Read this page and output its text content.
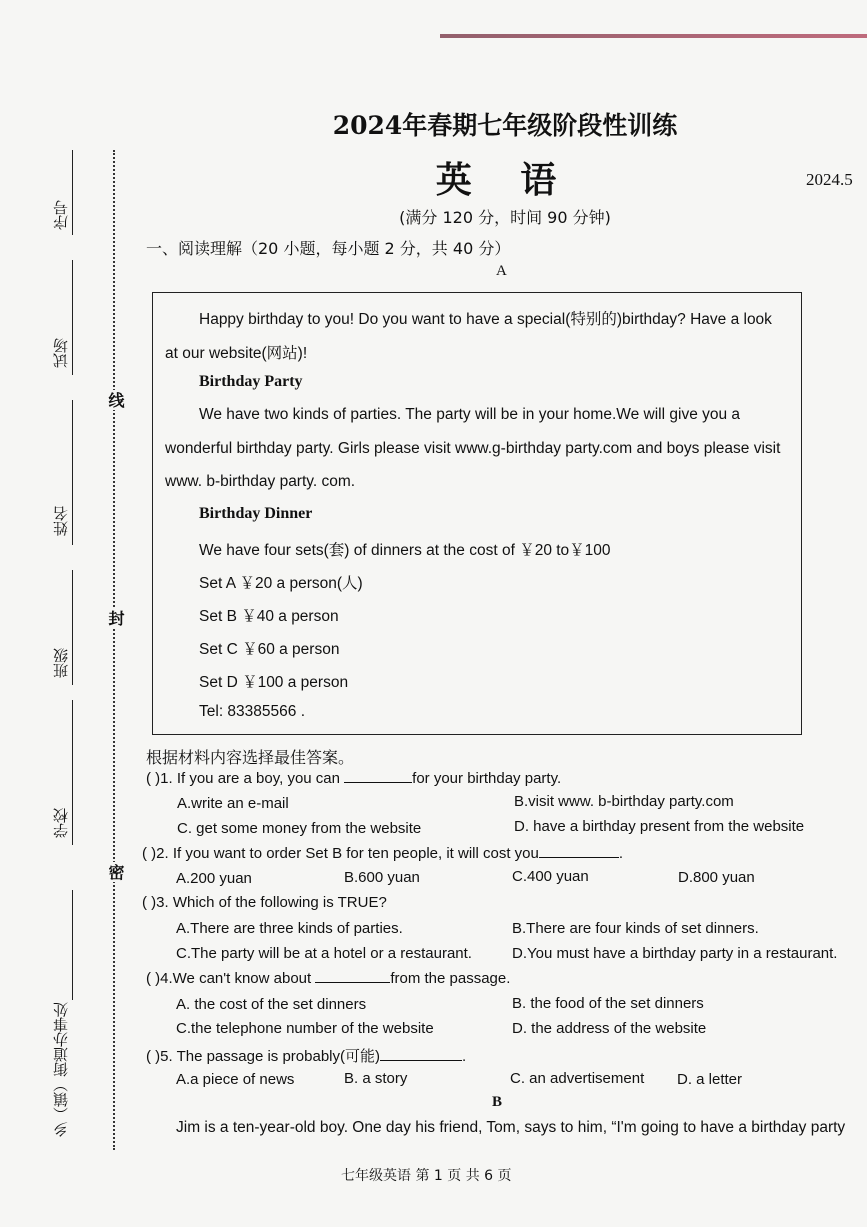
线
封
密
序号
试场
姓名
班级
学校
乡（镇）街道办事处
2024年春期七年级阶段性训练
英 语	2024.5
(满分 120 分，时间 90 分钟)
一、阅读理解（20 小题，每小题 2 分，共 40 分）
A
Happy birthday to you! Do you want to have a special(特别的)birthday? Have a look
at our website(网站)!
Birthday Party
We have two kinds of parties. The party will be in your home.We will give you a
wonderful birthday party. Girls please visit www.g-birthday party.com and boys please visit
www. b-birthday party. com.
Birthday Dinner
We have four sets(套) of dinners at the cost of ￥20 to￥100
Set A ￥20 a person(人)
Set B ￥40 a person
Set C ￥60 a person
Set D ￥100 a person
Tel: 83385566 .
根据材料内容选择最佳答案。
( )1. If you are a boy, you can	for your birthday party.
A.write an e-mail	B.visit www. b-birthday party.com
C. get some money from the website	D. have a birthday present from the website
( )2. If you want to order Set B for ten people, it will cost you	.
A.200 yuan	B.600 yuan	C.400 yuan	D.800 yuan
( )3. Which of the following is TRUE?
A.There are three kinds of parties.	B.There are four kinds of set dinners.
C.The party will be at a hotel or a restaurant.	D.You must have a birthday party in a restaurant.
( )4.We can't know about	from the passage.
A. the cost of the set dinners	B. the food of the set dinners
C.the telephone number of the website	D. the address of the website
( )5. The passage is probably(可能)	.
A.a piece of news	B. a story	C. an advertisement D. a letter
B
Jim is a ten-year-old boy. One day his friend, Tom, says to him, “I'm going to have a birthday party
七年级英语 第 1 页 共 6 页
